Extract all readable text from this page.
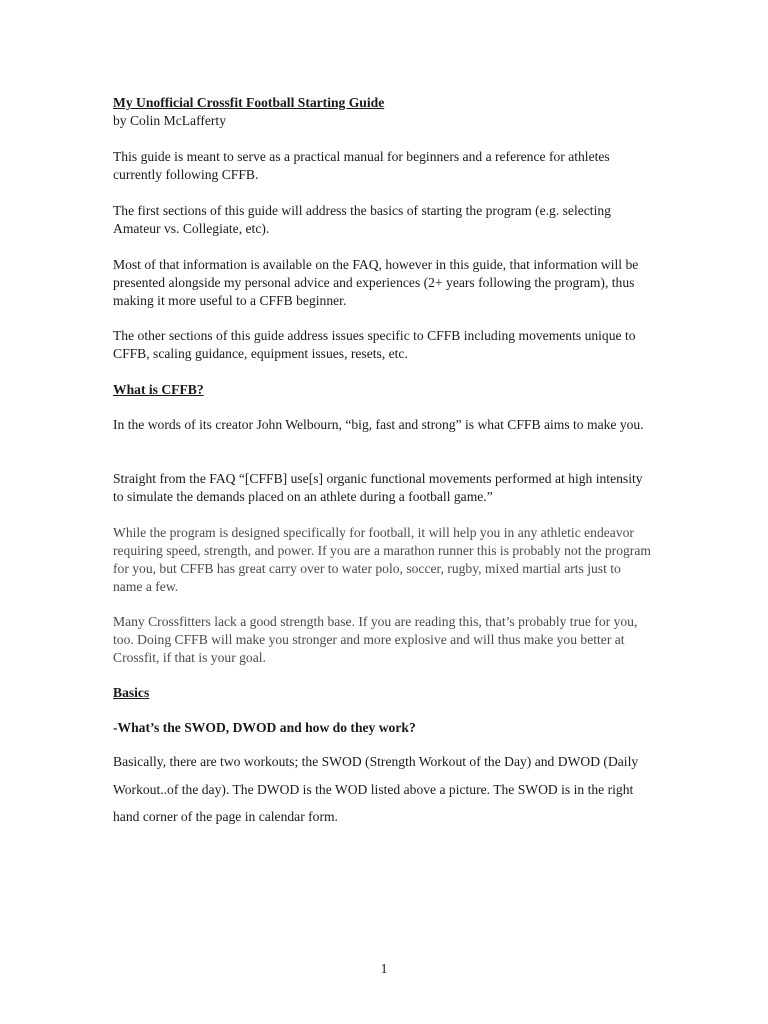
My Unofficial Crossfit Football Starting Guide

by Colin McLafferty

This guide is meant to serve as a practical manual for beginners and a reference for athletes currently following CFFB.

The first sections of this guide will address the basics of starting the program (e.g. selecting Amateur vs. Collegiate, etc).

Most of that information is available on the FAQ, however in this guide, that information will be presented alongside my personal advice and experiences (2+ years following the program), thus making it more useful to a CFFB beginner.

The other sections of this guide address issues specific to CFFB including movements unique to CFFB, scaling guidance, equipment issues, resets, etc.

What is CFFB?

In the words of its creator John Welbourn, “big, fast and strong” is what CFFB aims to make you.

Straight from the FAQ “[CFFB] use[s] organic functional movements performed at high intensity to simulate the demands placed on an athlete during a football game.”

While the program is designed specifically for football, it will help you in any athletic endeavor requiring speed, strength, and power. If you are a marathon runner this is probably not the program for you, but CFFB has great carry over to water polo, soccer, rugby, mixed martial arts just to name a few.

Many Crossfitters lack a good strength base. If you are reading this, that’s probably true for you, too. Doing CFFB will make you stronger and more explosive and will thus make you better at Crossfit, if that is your goal.

Basics

-What’s the SWOD, DWOD and how do they work?

Basically, there are two workouts; the SWOD (Strength Workout of the Day) and DWOD (Daily Workout..of the day). The DWOD is the WOD listed above a picture. The SWOD is in the right hand corner of the page in calendar form.

1
